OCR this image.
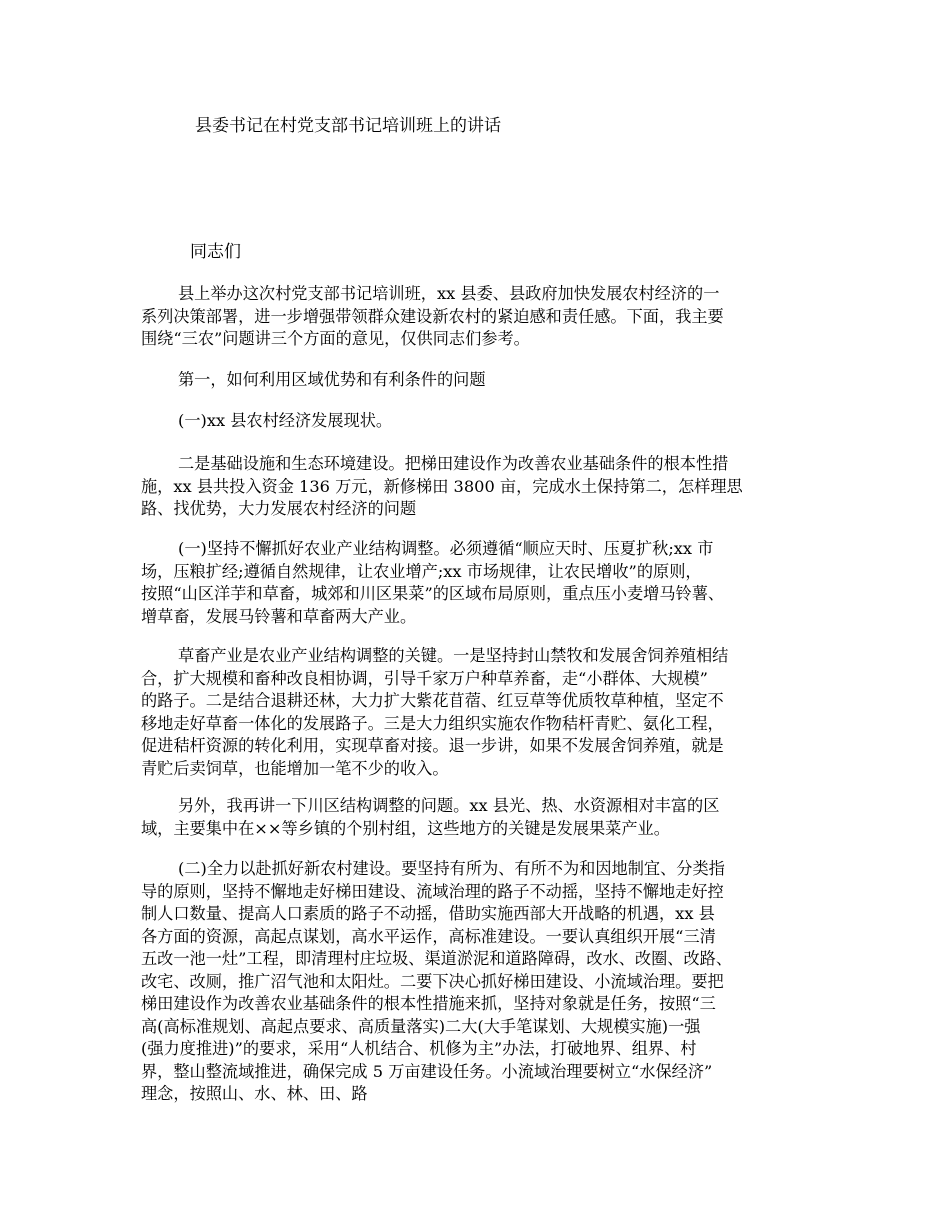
县委书记在村党支部书记培训班上的讲话
同志们

县上举办这次村党支部书记培训班，xx 县委、县政府加快发展农村经济的一
系列决策部署，进一步增强带领群众建设新农村的紧迫感和责任感。下面，我主要
围绕“三农”问题讲三个方面的意见，仅供同志们参考。

第一，如何利用区域优势和有利条件的问题

(一)xx 县农村经济发展现状。

二是基础设施和生态环境建设。把梯田建设作为改善农业基础条件的根本性措
施，xx 县共投入资金 136 万元，新修梯田 3800 亩，完成水土保持第二，怎样理思
路、找优势，大力发展农村经济的问题

(一)坚持不懈抓好农业产业结构调整。必须遵循“顺应天时、压夏扩秋;xx 市
场，压粮扩经;遵循自然规律，让农业增产;xx 市场规律，让农民增收”的原则，
按照“山区洋芋和草畜，城郊和川区果菜”的区域布局原则，重点压小麦增马铃薯、
增草畜，发展马铃薯和草畜两大产业。

草畜产业是农业产业结构调整的关键。一是坚持封山禁牧和发展舍饲养殖相结
合，扩大规模和畜种改良相协调，引导千家万户种草养畜，走“小群体、大规模”
的路子。二是结合退耕还林，大力扩大紫花苜蓿、红豆草等优质牧草种植，坚定不
移地走好草畜一体化的发展路子。三是大力组织实施农作物秸杆青贮、氨化工程，
促进秸杆资源的转化利用，实现草畜对接。退一步讲，如果不发展舍饲养殖，就是
青贮后卖饲草，也能增加一笔不少的收入。

另外，我再讲一下川区结构调整的问题。xx 县光、热、水资源相对丰富的区
域，主要集中在××等乡镇的个别村组，这些地方的关键是发展果菜产业。

(二)全力以赴抓好新农村建设。要坚持有所为、有所不为和因地制宜、分类指
导的原则，坚持不懈地走好梯田建设、流域治理的路子不动摇，坚持不懈地走好控
制人口数量、提高人口素质的路子不动摇，借助实施西部大开战略的机遇，xx 县
各方面的资源，高起点谋划，高水平运作，高标准建设。一要认真组织开展“三清
五改一池一灶”工程，即清理村庄垃圾、渠道淤泥和道路障碍，改水、改圈、改路、
改宅、改厕，推广沼气池和太阳灶。二要下决心抓好梯田建设、小流域治理。要把
梯田建设作为改善农业基础条件的根本性措施来抓，坚持对象就是任务，按照“三
高(高标准规划、高起点要求、高质量落实)二大(大手笔谋划、大规模实施)一强
(强力度推进)”的要求，采用“人机结合、机修为主”办法，打破地界、组界、村
界，整山整流域推进，确保完成 5 万亩建设任务。小流域治理要树立“水保经济”
理念，按照山、水、林、田、路
